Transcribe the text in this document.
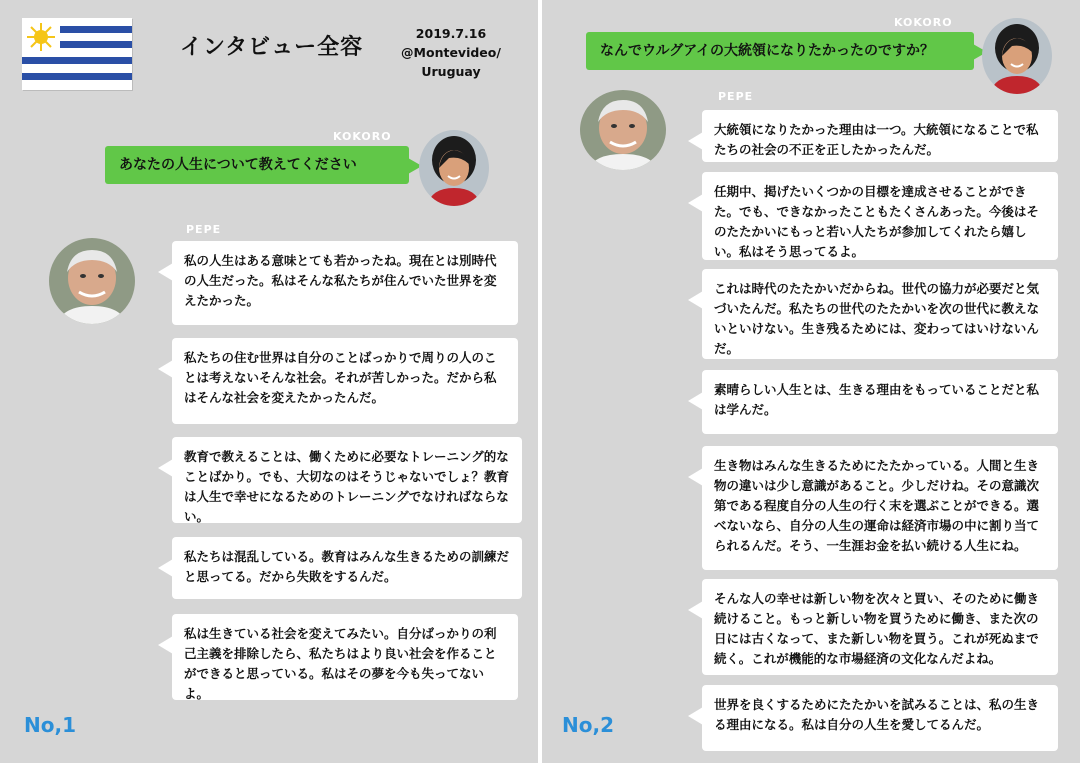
インタビュー全容
2019.7.16
@Montevideo/
Uruguay
KOKORO
あなたの人生について教えてください
PEPE
私の人生はある意味とても若かったね。現在とは別時代の人生だった。私はそんな私たちが住んでいた世界を変えたかった。
私たちの住む世界は自分のことばっかりで周りの人のことは考えないそんな社会。それが苦しかった。だから私はそんな社会を変えたかったんだ。
教育で教えることは、働くために必要なトレーニング的なことばかり。でも、大切なのはそうじゃないでしょ？教育は人生で幸せになるためのトレーニングでなければならない。
私たちは混乱している。教育はみんな生きるための訓練だと思ってる。だから失敗をするんだ。
私は生きている社会を変えてみたい。自分ばっかりの利己主義を排除したら、私たちはより良い社会を作ることができると思っている。私はその夢を今も失ってないよ。
No,1
KOKORO
なんでウルグアイの大統領になりたかったのですか？
PEPE
大統領になりたかった理由は一つ。大統領になることで私たちの社会の不正を正したかったんだ。
任期中、掲げたいくつかの目標を達成させることができた。でも、できなかったこともたくさんあった。今後はそのたたかいにもっと若い人たちが参加してくれたら嬉しい。私はそう思ってるよ。
これは時代のたたかいだからね。世代の協力が必要だと気づいたんだ。私たちの世代のたたかいを次の世代に教えないといけない。生き残るためには、変わってはいけないんだ。
素晴らしい人生とは、生きる理由をもっていることだと私は学んだ。
生き物はみんな生きるためにたたかっている。人間と生き物の違いは少し意識があること。少しだけね。その意識次第である程度自分の人生の行く末を選ぶことができる。選べないなら、自分の人生の運命は経済市場の中に割り当てられるんだ。そう、一生涯お金を払い続ける人生にね。
そんな人の幸せは新しい物を次々と買い、そのために働き続けること。もっと新しい物を買うために働き、また次の日には古くなって、また新しい物を買う。これが死ぬまで続く。これが機能的な市場経済の文化なんだよね。
世界を良くするためにたたかいを試みることは、私の生きる理由になる。私は自分の人生を愛してるんだ。
No,2
